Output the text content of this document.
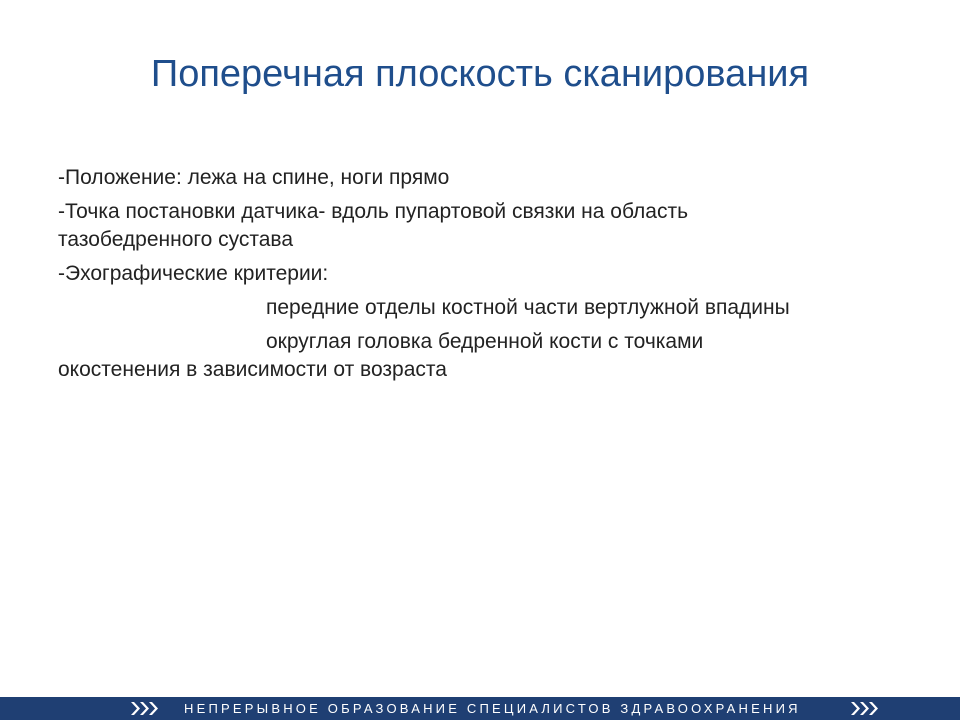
Поперечная плоскость сканирования

-Положение: лежа на спине, ноги прямо

-Точка постановки датчика- вдоль пупартовой связки на область

тазобедренного сустава

-Эхографические критерии:

передние отделы костной части вертлужной впадины

округлая головка бедренной кости с точками

окостенения в зависимости от возраста

НЕПРЕРЫВНОЕ ОБРАЗОВАНИЕ СПЕЦИАЛИСТОВ ЗДРАВООХРАНЕНИЯ
